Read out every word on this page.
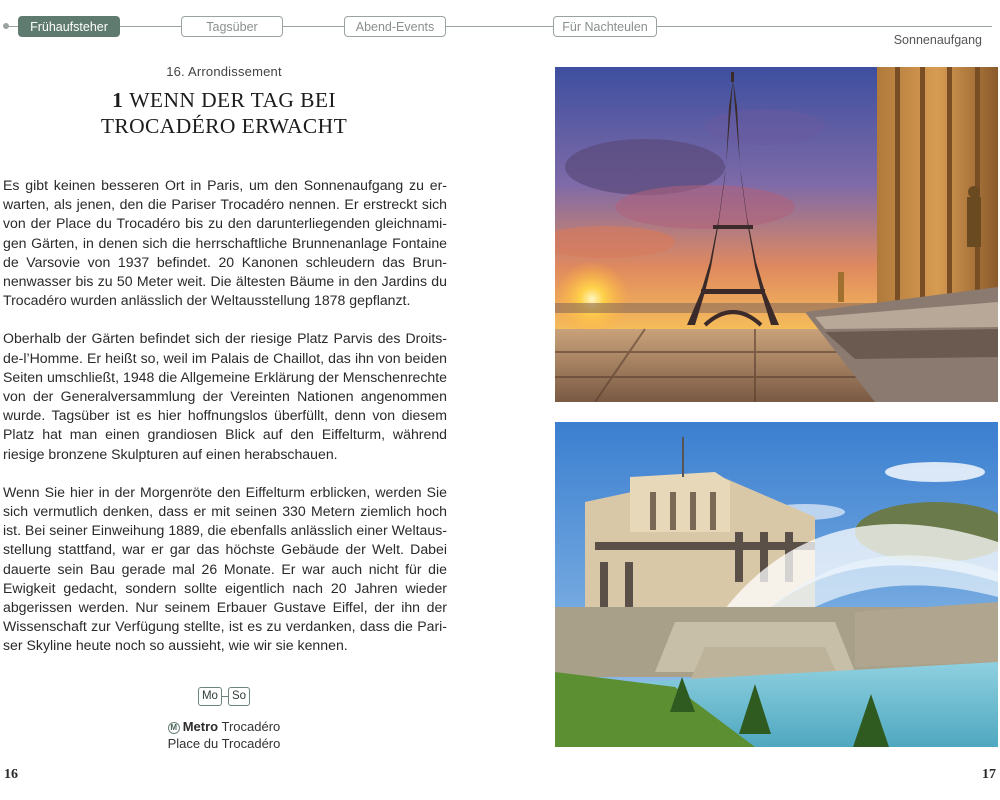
Frühaufsteher	Tagsüber	Abend-Events	Für Nachteulen
Sonnenaufgang
16. Arrondissement
1 WENN DER TAG BEI
TROCADÉRO ERWACHT

Es gibt keinen besseren Ort in Paris, um den Sonnenaufgang zu erwarten, als jenen, den die Pariser Trocadéro nennen. Er erstreckt sich von der Place du Trocadéro bis zu den darunterliegenden gleichnamigen Gärten, in denen sich die herrschaftliche Brunnenanlage Fontaine de Varsovie von 1937 befindet. 20 Kanonen schleudern das Brunnenwasser bis zu 50 Meter weit. Die ältesten Bäume in den Jardins du Trocadéro wurden anlässlich der Weltausstellung 1878 gepflanzt.

Oberhalb der Gärten befindet sich der riesige Platz Parvis des Droits-de-l’Homme. Er heißt so, weil im Palais de Chaillot, das ihn von beiden Seiten umschließt, 1948 die Allgemeine Erklärung der Menschenrechte von der Generalversammlung der Vereinten Nationen angenommen wurde. Tagsüber ist es hier hoffnungslos überfüllt, denn von diesem Platz hat man einen grandiosen Blick auf den Eiffelturm, während riesige bronzene Skulpturen auf einen herabschauen.

Wenn Sie hier in der Morgenröte den Eiffelturm erblicken, werden Sie sich vermutlich denken, dass er mit seinen 330 Metern ziemlich hoch ist. Bei seiner Einweihung 1889, die ebenfalls anlässlich einer Weltausstellung stattfand, war er gar das höchste Gebäude der Welt. Dabei dauerte sein Bau gerade mal 26 Monate. Er war auch nicht für die Ewigkeit gedacht, sondern sollte eigentlich nach 20 Jahren wieder abgerissen werden. Nur seinem Erbauer Gustave Eiffel, der ihn der Wissenschaft zur Verfügung stellte, ist es zu verdanken, dass die Pariser Skyline heute noch so aussieht, wie wir sie kennen.

Mo	So
M Metro Trocadéro
Place du Trocadéro
16	17
